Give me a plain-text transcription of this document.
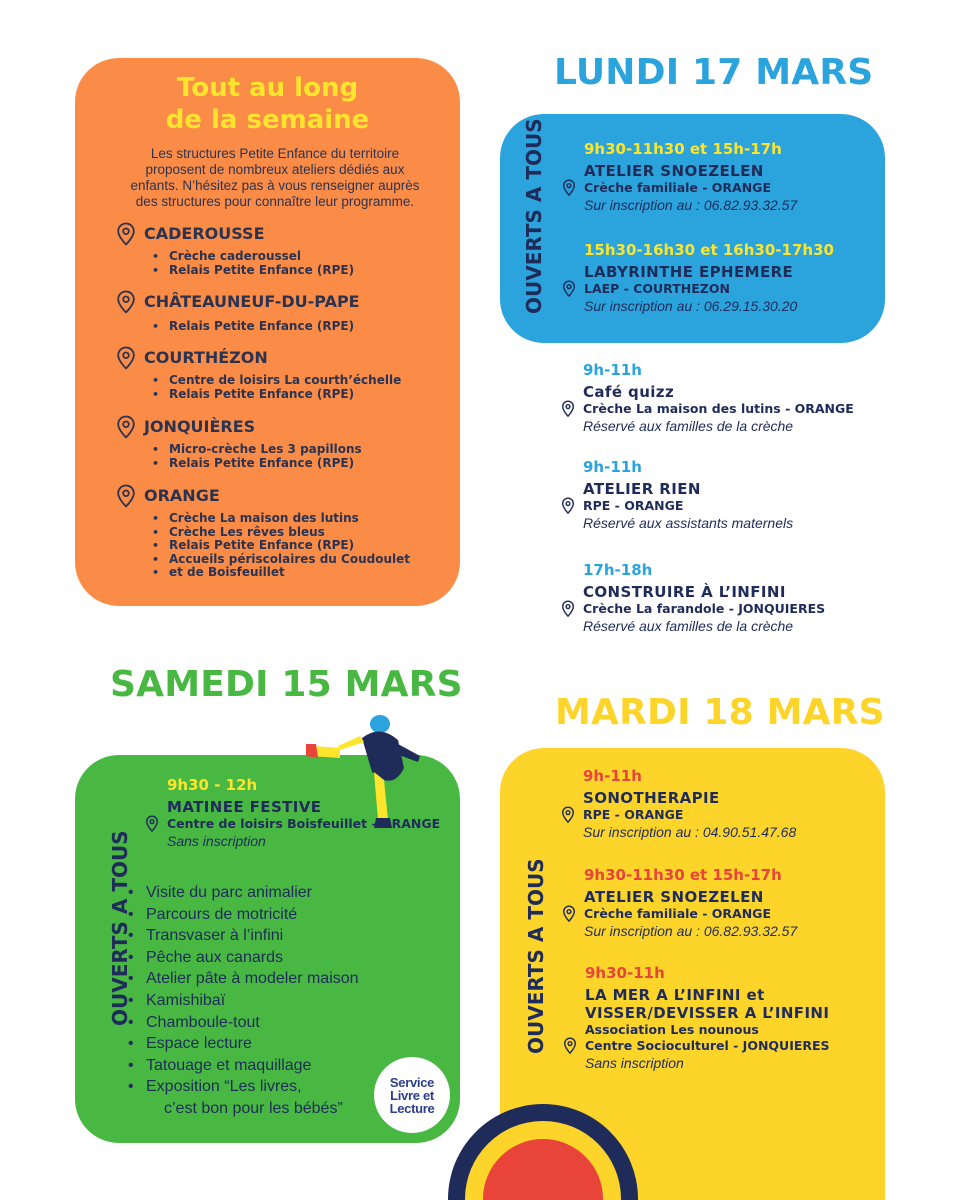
LUNDI 17 MARS
SAMEDI 15 MARS
MARDI 18 MARS
Tout au long
de la semaine
Les structures Petite Enfance du territoire
proposent de nombreux ateliers dédiés aux
enfants. N’hésitez pas à vous renseigner auprès
des structures pour connaître leur programme.
CADEROUSSE
• Crèche caderoussel
• Relais Petite Enfance (RPE)
CHÂTEAUNEUF-DU-PAPE
• Relais Petite Enfance (RPE)
COURTHÉZON
• Centre de loisirs La courth’échelle
• Relais Petite Enfance (RPE)
JONQUIÈRES
• Micro-crèche Les 3 papillons
• Relais Petite Enfance (RPE)
ORANGE
• Crèche La maison des lutins
• Crèche Les rêves bleus
• Relais Petite Enfance (RPE)
• Accueils périscolaires du Coudoulet
• et de Boisfeuillet
OUVERTS A TOUS	9h30-11h30 et 15h-17h
ATELIER SNOEZELEN
Crèche familiale - ORANGE
Sur inscription au : 06.82.93.32.57
15h30-16h30 et 16h30-17h30
LABYRINTHE EPHEMERE
LAEP - COURTHEZON
Sur inscription au : 06.29.15.30.20
9h-11h
Café quizz
Crèche La maison des lutins - ORANGE
Réservé aux familles de la crèche
9h-11h
ATELIER RIEN
RPE - ORANGE
Réservé aux assistants maternels
17h-18h
CONSTRUIRE À L’INFINI
Crèche La farandole - JONQUIERES
Réservé aux familles de la crèche
OUVERTS A TOUS
9h30 - 12h
MATINEE FESTIVE
Centre de loisirs Boisfeuillet - ORANGE
Sans inscription
• Visite du parc animalier
• Parcours de motricité
• Transvaser à l’infini
• Pêche aux canards
• Atelier pâte à modeler maison
• Kamishibaï
• Chamboule-tout
• Espace lecture
• Tatouage et maquillage
• Exposition “Les livres,
c’est bon pour les bébés”
Service
Livre et
Lecture
OUVERTS A TOUS
9h-11h
SONOTHERAPIE
RPE - ORANGE
Sur inscription au : 04.90.51.47.68
9h30-11h30 et 15h-17h
ATELIER SNOEZELEN
Crèche familiale - ORANGE
Sur inscription au : 06.82.93.32.57
9h30-11h
LA MER A L’INFINI et
VISSER/DEVISSER A L’INFINI
Association Les nounous
Centre Socioculturel - JONQUIERES
Sans inscription
